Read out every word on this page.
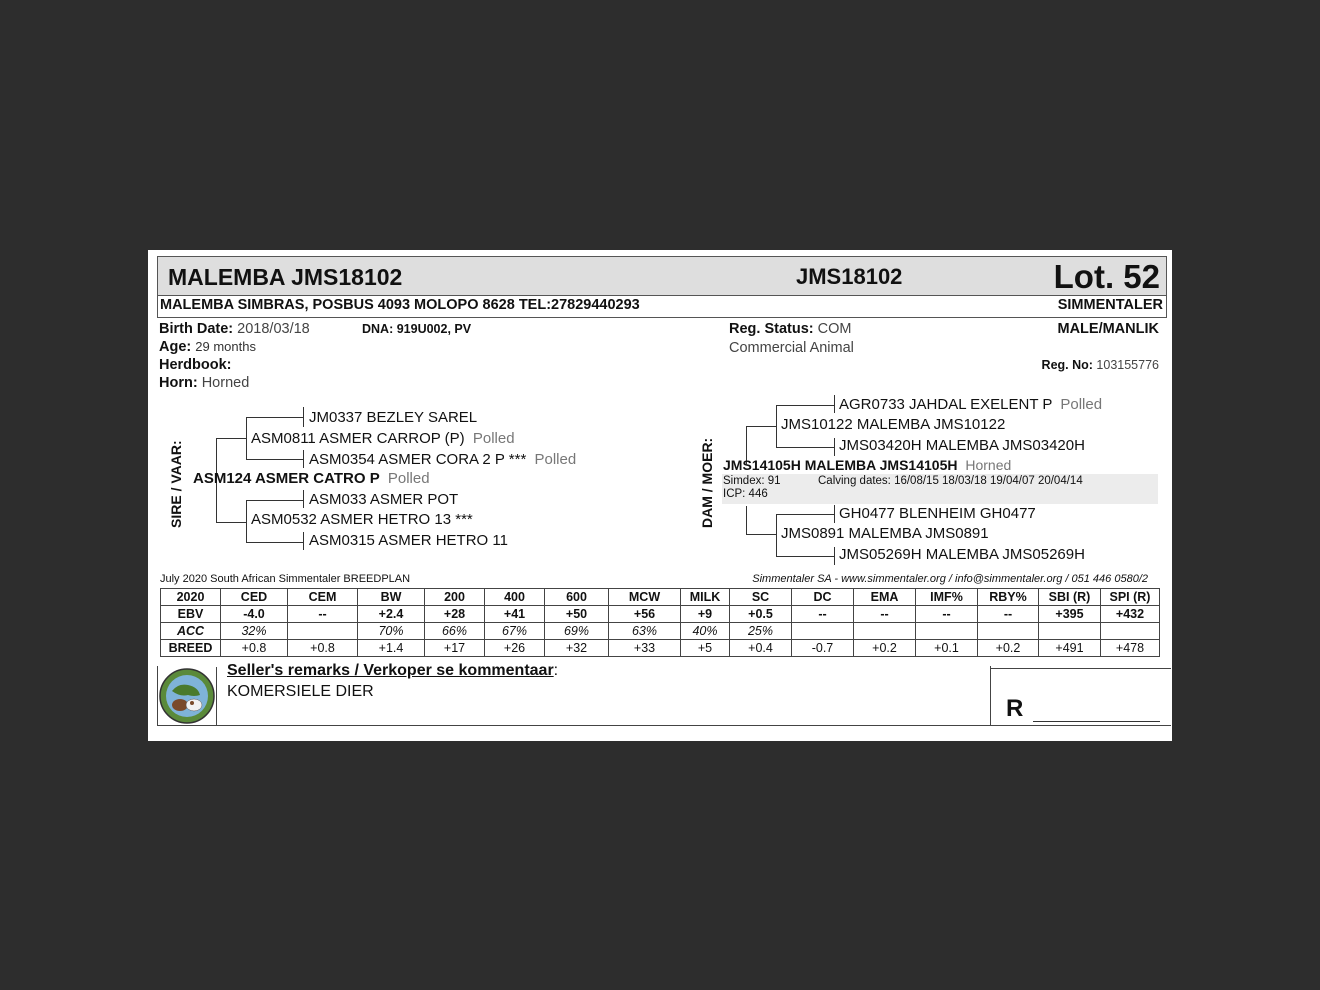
MALEMBA JMS18102	JMS18102	Lot. 52
MALEMBA SIMBRAS, POSBUS 4093 MOLOPO 8628 TEL:27829440293	SIMMENTALER
Birth Date: 2018/03/18	DNA: 919U002, PV
Age: 29 months
Herdbook:
Horn: Horned
Reg. Status: COM
Commercial Animal
MALE/MANLIK
Reg. No: 103155776
SIRE / VAAR:
JM0337 BEZLEY SAREL
ASM0811 ASMER CARROP (P) Polled
ASM0354 ASMER CORA 2 P *** Polled
ASM124 ASMER CATRO P Polled
ASM033 ASMER POT
ASM0532 ASMER HETRO 13 ***
ASM0315 ASMER HETRO 11
DAM / MOER:
AGR0733 JAHDAL EXELENT P Polled
JMS10122 MALEMBA JMS10122
JMS03420H MALEMBA JMS03420H
JMS14105H MALEMBA JMS14105H Horned
Simdex: 91	Calving dates: 16/08/15 18/03/18 19/04/07 20/04/14
ICP: 446
GH0477 BLENHEIM GH0477
JMS0891 MALEMBA JMS0891
JMS05269H MALEMBA JMS05269H
July 2020 South African Simmentaler BREEDPLAN	Simmentaler SA - www.simmentaler.org / info@simmentaler.org / 051 446 0580/2
2020	CED	CEM	BW	200	400	600	MCW	MILK	SC	DC	EMA	IMF%	RBY%	SBI (R)	SPI (R)
EBV	-4.0	--	+2.4	+28	+41	+50	+56	+9	+0.5	--	--	--	--	+395	+432
ACC	32%		70%	66%	67%	69%	63%	40%	25%						
BREED	+0.8	+0.8	+1.4	+17	+26	+32	+33	+5	+0.4	-0.7	+0.2	+0.1	+0.2	+491	+478
Seller's remarks / Verkoper se kommentaar:
KOMERSIELE DIER
R
